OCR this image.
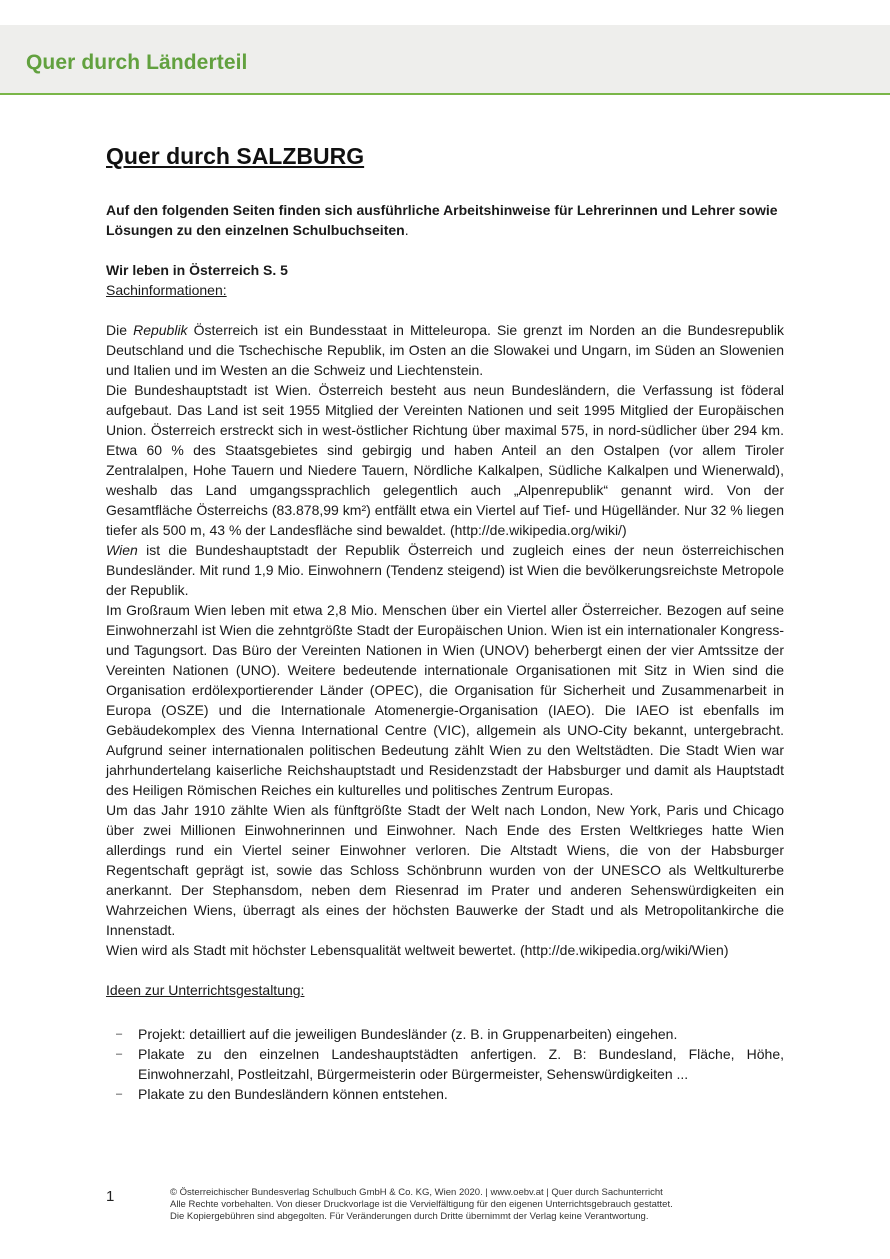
Quer durch Länderteil
Quer durch SALZBURG

Auf den folgenden Seiten finden sich ausführliche Arbeitshinweise für Lehrerinnen und Lehrer sowie Lösungen zu den einzelnen Schulbuchseiten.

Wir leben in Österreich S. 5

Sachinformationen:

Die Republik Österreich ist ein Bundesstaat in Mitteleuropa. Sie grenzt im Norden an die Bundesrepublik Deutschland und die Tschechische Republik, im Osten an die Slowakei und Ungarn, im Süden an Slowenien und Italien und im Westen an die Schweiz und Liechtenstein.

Die Bundeshauptstadt ist Wien. Österreich besteht aus neun Bundesländern, die Verfassung ist föderal aufgebaut. Das Land ist seit 1955 Mitglied der Vereinten Nationen und seit 1995 Mitglied der Europäischen Union. Österreich erstreckt sich in west-östlicher Richtung über maximal 575, in nord-südlicher über 294 km. Etwa 60 % des Staatsgebietes sind gebirgig und haben Anteil an den Ostalpen (vor allem Tiroler Zentralalpen, Hohe Tauern und Niedere Tauern, Nördliche Kalkalpen, Südliche Kalkalpen und Wienerwald), weshalb das Land umgangssprachlich gelegentlich auch „Alpenrepublik“ genannt wird. Von der Gesamtfläche Österreichs (83.878,99 km²) entfällt etwa ein Viertel auf Tief- und Hügelländer. Nur 32 % liegen tiefer als 500 m, 43 % der Landesfläche sind bewaldet. (http://de.wikipedia.org/wiki/)

Wien ist die Bundeshauptstadt der Republik Österreich und zugleich eines der neun österreichischen Bundesländer. Mit rund 1,9 Mio. Einwohnern (Tendenz steigend) ist Wien die bevölkerungsreichste Metropole der Republik.

Im Großraum Wien leben mit etwa 2,8 Mio. Menschen über ein Viertel aller Österreicher. Bezogen auf seine Einwohnerzahl ist Wien die zehntgrößte Stadt der Europäischen Union. Wien ist ein internationaler Kongress- und Tagungsort. Das Büro der Vereinten Nationen in Wien (UNOV) beherbergt einen der vier Amtssitze der Vereinten Nationen (UNO). Weitere bedeutende internationale Organisationen mit Sitz in Wien sind die Organisation erdölexportierender Länder (OPEC), die Organisation für Sicherheit und Zusammenarbeit in Europa (OSZE) und die Internationale Atomenergie-Organisation (IAEO). Die IAEO ist ebenfalls im Gebäudekomplex des Vienna International Centre (VIC), allgemein als UNO-City bekannt, untergebracht. Aufgrund seiner internationalen politischen Bedeutung zählt Wien zu den Weltstädten. Die Stadt Wien war jahrhundertelang kaiserliche Reichshauptstadt und Residenzstadt der Habsburger und damit als Hauptstadt des Heiligen Römischen Reiches ein kulturelles und politisches Zentrum Europas.

Um das Jahr 1910 zählte Wien als fünftgrößte Stadt der Welt nach London, New York, Paris und Chicago über zwei Millionen Einwohnerinnen und Einwohner. Nach Ende des Ersten Weltkrieges hatte Wien allerdings rund ein Viertel seiner Einwohner verloren. Die Altstadt Wiens, die von der Habsburger Regentschaft geprägt ist, sowie das Schloss Schönbrunn wurden von der UNESCO als Weltkulturerbe anerkannt. Der Stephansdom, neben dem Riesenrad im Prater und anderen Sehenswürdigkeiten ein Wahrzeichen Wiens, überragt als eines der höchsten Bauwerke der Stadt und als Metropolitankirche die Innenstadt.

Wien wird als Stadt mit höchster Lebensqualität weltweit bewertet. (http://de.wikipedia.org/wiki/Wien)

Ideen zur Unterrichtsgestaltung:

– Projekt: detailliert auf die jeweiligen Bundesländer (z. B. in Gruppenarbeiten) eingehen.
– Plakate zu den einzelnen Landeshauptstädten anfertigen. Z. B: Bundesland, Fläche, Höhe, Einwohnerzahl, Postleitzahl, Bürgermeisterin oder Bürgermeister, Sehenswürdigkeiten ...
– Plakate zu den Bundesländern können entstehen.
1	© Österreichischer Bundesverlag Schulbuch GmbH & Co. KG, Wien 2020. | www.oebv.at | Quer durch Sachunterricht
Alle Rechte vorbehalten. Von dieser Druckvorlage ist die Vervielfältigung für den eigenen Unterrichtsgebrauch gestattet.
Die Kopiergebühren sind abgegolten. Für Veränderungen durch Dritte übernimmt der Verlag keine Verantwortung.
